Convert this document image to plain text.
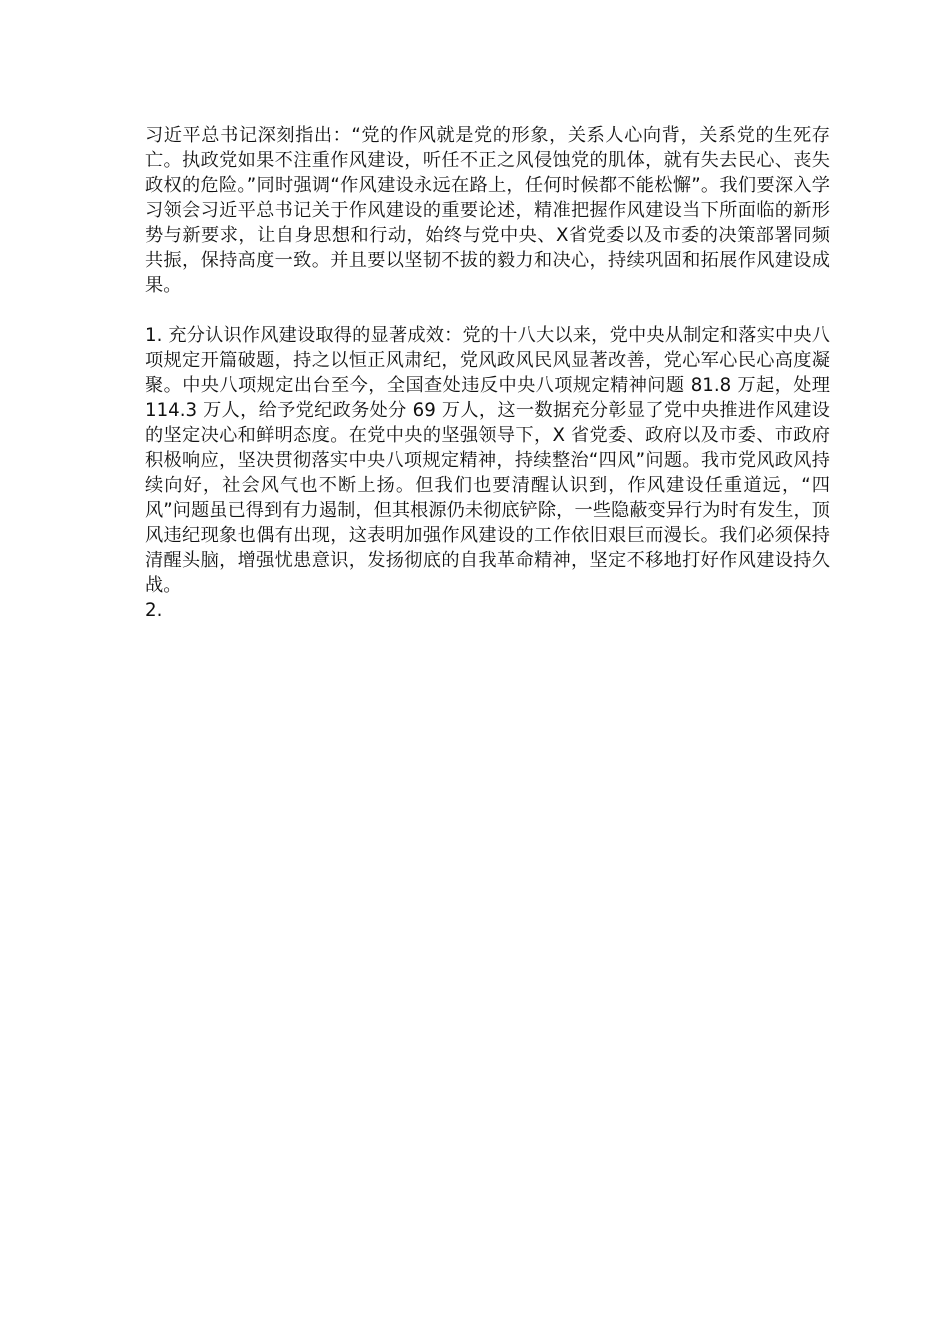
习近平总书记深刻指出：“党的作风就是党的形象，关系人心向背，关系党的生死存亡。执政党如果不注重作风建设，听任不正之风侵蚀党的肌体，就有失去民心、丧失政权的危险。”同时强调“作风建设永远在路上，任何时候都不能松懈”。我们要深入学习领会习近平总书记关于作风建设的重要论述，精准把握作风建设当下所面临的新形势与新要求，让自身思想和行动，始终与党中央、X省党委以及市委的决策部署同频共振，保持高度一致。并且要以坚韧不拔的毅力和决心，持续巩固和拓展作风建设成果。

1. 充分认识作风建设取得的显著成效：党的十八大以来，党中央从制定和落实中央八项规定开篇破题，持之以恒正风肃纪，党风政风民风显著改善，党心军心民心高度凝聚。中央八项规定出台至今，全国查处违反中央八项规定精神问题 81.8 万起，处理 114.3 万人，给予党纪政务处分 69 万人，这一数据充分彰显了党中央推进作风建设的坚定决心和鲜明态度。在党中央的坚强领导下，X 省党委、政府以及市委、市政府积极响应，坚决贯彻落实中央八项规定精神，持续整治“四风”问题。我市党风政风持续向好，社会风气也不断上扬。但我们也要清醒认识到，作风建设任重道远，“四风”问题虽已得到有力遏制，但其根源仍未彻底铲除，一些隐蔽变异行为时有发生，顶风违纪现象也偶有出现，这表明加强作风建设的工作依旧艰巨而漫长。我们必须保持清醒头脑，增强忧患意识，发扬彻底的自我革命精神，坚定不移地打好作风建设持久战。

2.
